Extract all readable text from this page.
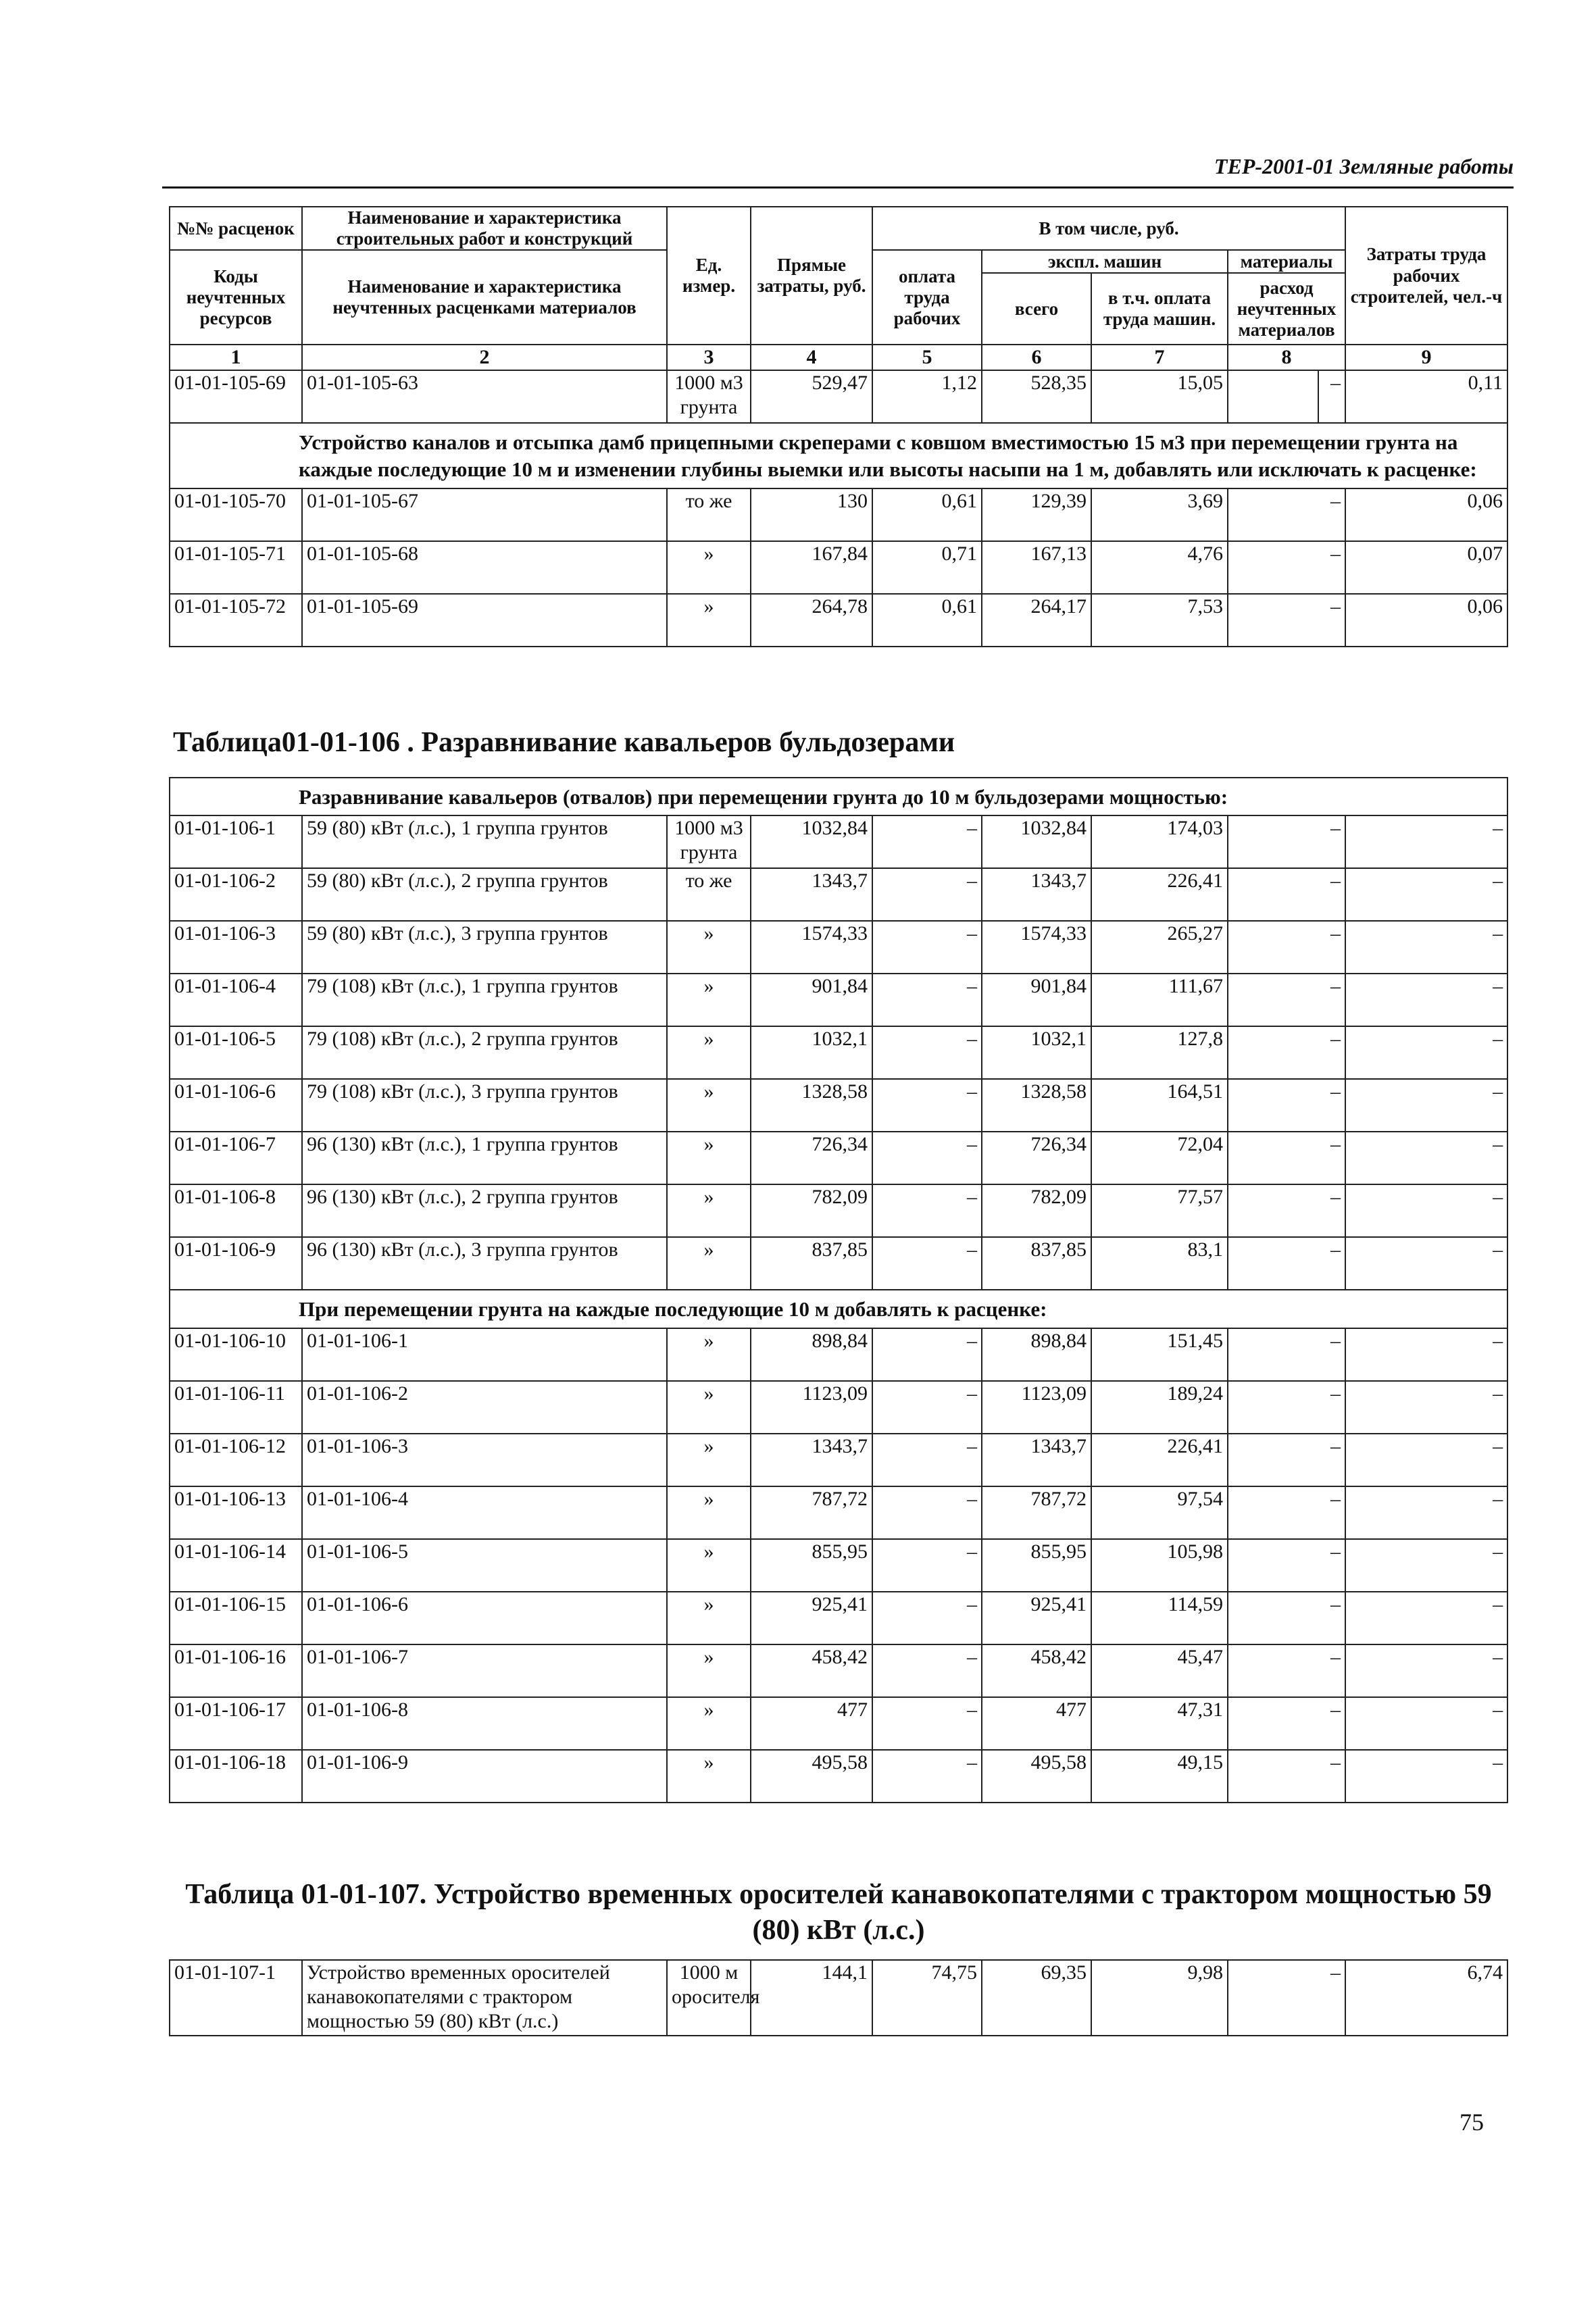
ТЕР-2001-01 Земляные работы
№№ расценок	Наименование и характеристика строительных работ и конструкций	Ед. измер.	Прямые затраты, руб.	В том числе, руб.					Затраты труда рабочих строителей, чел.-ч
Коды неучтенных ресурсов	Наименование и характеристика неучтенных расценками материалов			оплата труда рабочих	экспл. машин		материалы		
					всего	в т.ч. оплата труда машин.	расход неучтенных материалов		

1	2	3	4	5	6	7	8		9
01-01-105-69	01-01-105-63	1000 м3 грунта	529,47	1,12	528,35	15,05		–	0,11
Устройство каналов и отсыпка дамб прицепными скреперами с ковшом вместимостью 15 м3 при перемещении грунта на каждые последующие 10 м и изменении глубины выемки или высоты насыпи на 1 м, добавлять или исключать к расценке:									
01-01-105-70	01-01-105-67	то же	130	0,61	129,39	3,69	–		0,06
01-01-105-71	01-01-105-68	»	167,84	0,71	167,13	4,76	–		0,07
01-01-105-72	01-01-105-69	»	264,78	0,61	264,17	7,53	–		0,06
Таблица01-01-106 . Разравнивание кавальеров бульдозерами
Разравнивание кавальеров (отвалов) при перемещении грунта до 10 м бульдозерами мощностью:								
01-01-106-1	59 (80) кВт (л.с.), 1 группа грунтов	1000 м3 грунта	1032,84	–	1032,84	174,03	–	–
01-01-106-2	59 (80) кВт (л.с.), 2 группа грунтов	то же	1343,7	–	1343,7	226,41	–	–
01-01-106-3	59 (80) кВт (л.с.), 3 группа грунтов	»	1574,33	–	1574,33	265,27	–	–
01-01-106-4	79 (108) кВт (л.с.), 1 группа грунтов	»	901,84	–	901,84	111,67	–	–
01-01-106-5	79 (108) кВт (л.с.), 2 группа грунтов	»	1032,1	–	1032,1	127,8	–	–
01-01-106-6	79 (108) кВт (л.с.), 3 группа грунтов	»	1328,58	–	1328,58	164,51	–	–
01-01-106-7	96 (130) кВт (л.с.), 1 группа грунтов	»	726,34	–	726,34	72,04	–	–
01-01-106-8	96 (130) кВт (л.с.), 2 группа грунтов	»	782,09	–	782,09	77,57	–	–
01-01-106-9	96 (130) кВт (л.с.), 3 группа грунтов	»	837,85	–	837,85	83,1	–	–
При перемещении грунта на каждые последующие 10 м добавлять к расценке:								
01-01-106-10	01-01-106-1	»	898,84	–	898,84	151,45	–	–
01-01-106-11	01-01-106-2	»	1123,09	–	1123,09	189,24	–	–
01-01-106-12	01-01-106-3	»	1343,7	–	1343,7	226,41	–	–
01-01-106-13	01-01-106-4	»	787,72	–	787,72	97,54	–	–
01-01-106-14	01-01-106-5	»	855,95	–	855,95	105,98	–	–
01-01-106-15	01-01-106-6	»	925,41	–	925,41	114,59	–	–
01-01-106-16	01-01-106-7	»	458,42	–	458,42	45,47	–	–
01-01-106-17	01-01-106-8	»	477	–	477	47,31	–	–
01-01-106-18	01-01-106-9	»	495,58	–	495,58	49,15	–	–
Таблица 01-01-107. Устройство временных оросителей канавокопателями с трактором мощностью 59 (80) кВт (л.с.)
01-01-107-1	Устройство временных оросителей канавокопателями с трактором мощностью 59 (80) кВт (л.с.)	1000 м оросителя	144,1	74,75	69,35	9,98	–	6,74
75
